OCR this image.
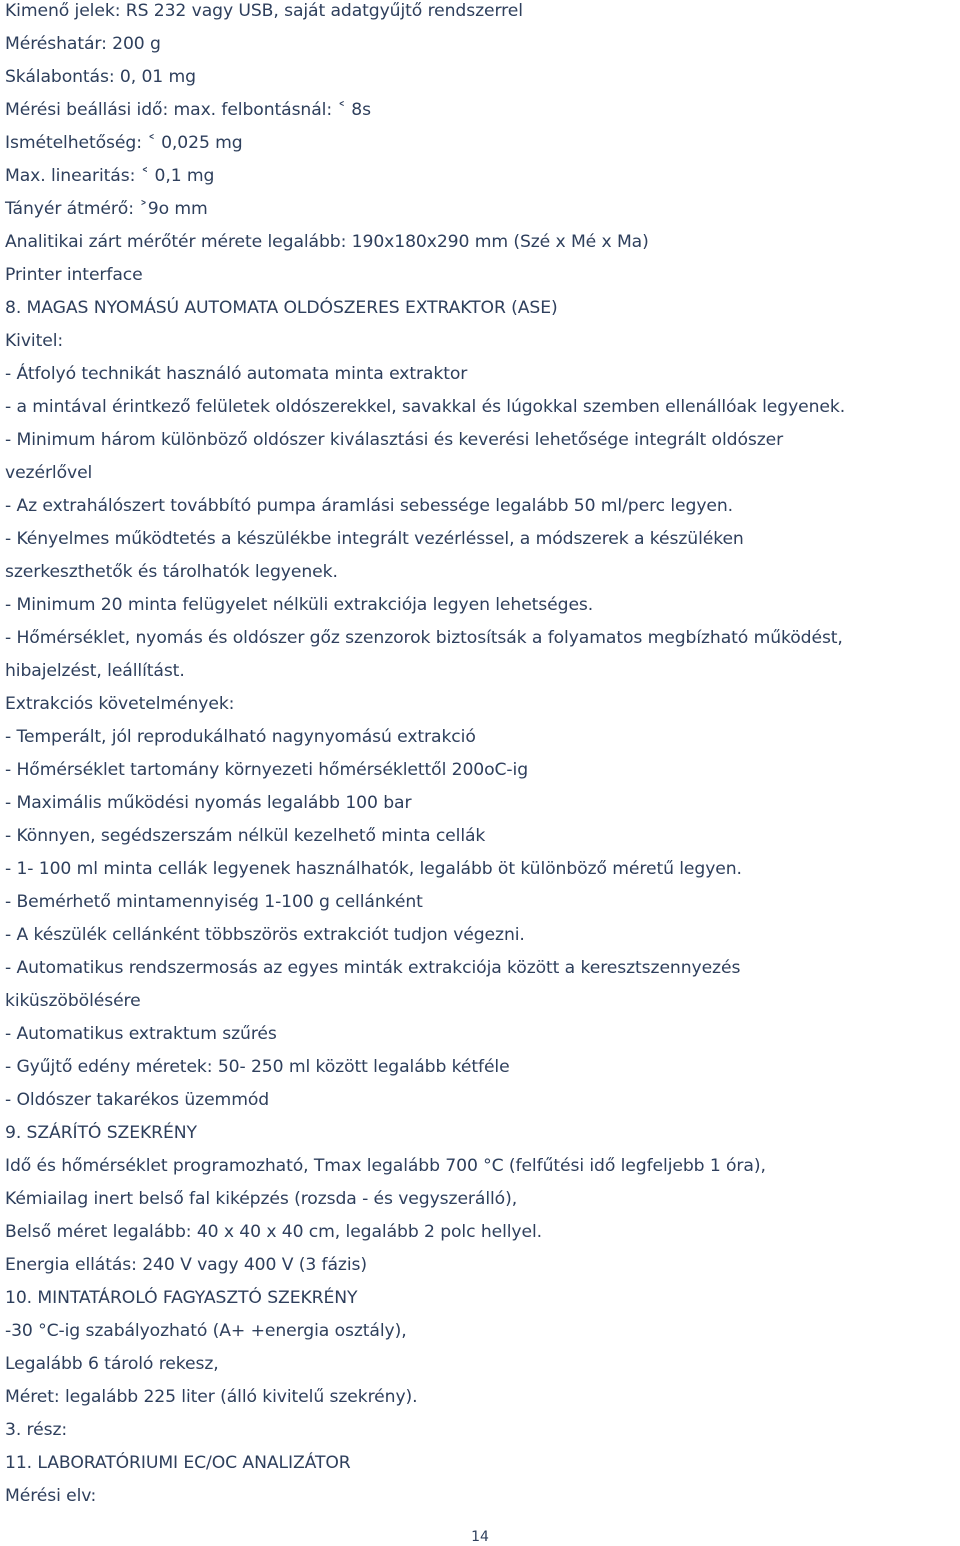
Kimenő jelek: RS 232 vagy USB, saját adatgyűjtő rendszerrel
Méréshatár: 200 g
Skálabontás: 0, 01 mg
Mérési beállási idő: max. felbontásnál: ˂ 8s
Ismételhetőség: ˂ 0,025 mg
Max. linearitás: ˂ 0,1 mg
Tányér átmérő: ˃9o mm
Analitikai zárt mérőtér mérete legalább: 190x180x290 mm (Szé x Mé x Ma)
Printer interface
8. MAGAS NYOMÁSÚ AUTOMATA OLDÓSZERES EXTRAKTOR (ASE)
Kivitel:
- Átfolyó technikát használó automata minta extraktor
- a mintával érintkező felületek oldószerekkel, savakkal és lúgokkal szemben ellenállóak legyenek.
- Minimum három különböző oldószer kiválasztási és keverési lehetősége integrált oldószer
vezérlővel
- Az extrahálószert továbbító pumpa áramlási sebessége legalább 50 ml/perc legyen.
- Kényelmes működtetés a készülékbe integrált vezérléssel, a módszerek a készüléken
szerkeszthetők és tárolhatók legyenek.
- Minimum 20 minta felügyelet nélküli extrakciója legyen lehetséges.
- Hőmérséklet, nyomás és oldószer gőz szenzorok biztosítsák a folyamatos megbízható működést,
hibajelzést, leállítást.
Extrakciós követelmények:
- Temperált, jól reprodukálható nagynyomású extrakció
- Hőmérséklet tartomány környezeti hőmérséklettől 200oC-ig
- Maximális működési nyomás legalább 100 bar
- Könnyen, segédszerszám nélkül kezelhető minta cellák
- 1- 100 ml minta cellák legyenek használhatók, legalább öt különböző méretű legyen.
- Bemérhető mintamennyiség 1-100 g cellánként
- A készülék cellánként többszörös extrakciót tudjon végezni.
- Automatikus rendszermosás az egyes minták extrakciója között a keresztszennyezés
kiküszöbölésére
- Automatikus extraktum szűrés
- Gyűjtő edény méretek: 50- 250 ml között legalább kétféle
- Oldószer takarékos üzemmód
9. SZÁRÍTÓ SZEKRÉNY
Idő és hőmérséklet programozható, Tmax legalább 700 °C (felfűtési idő legfeljebb 1 óra),
Kémiailag inert belső fal kiképzés (rozsda - és vegyszerálló),
Belső méret legalább: 40 x 40 x 40 cm, legalább 2 polc hellyel.
Energia ellátás: 240 V vagy 400 V (3 fázis)
10. MINTATÁROLÓ FAGYASZTÓ SZEKRÉNY
-30 °C-ig szabályozható (A+ +energia osztály),
Legalább 6 tároló rekesz,
Méret: legalább 225 liter (álló kivitelű szekrény).
3. rész:
11. LABORATÓRIUMI EC/OC ANALIZÁTOR
Mérési elv:
14
